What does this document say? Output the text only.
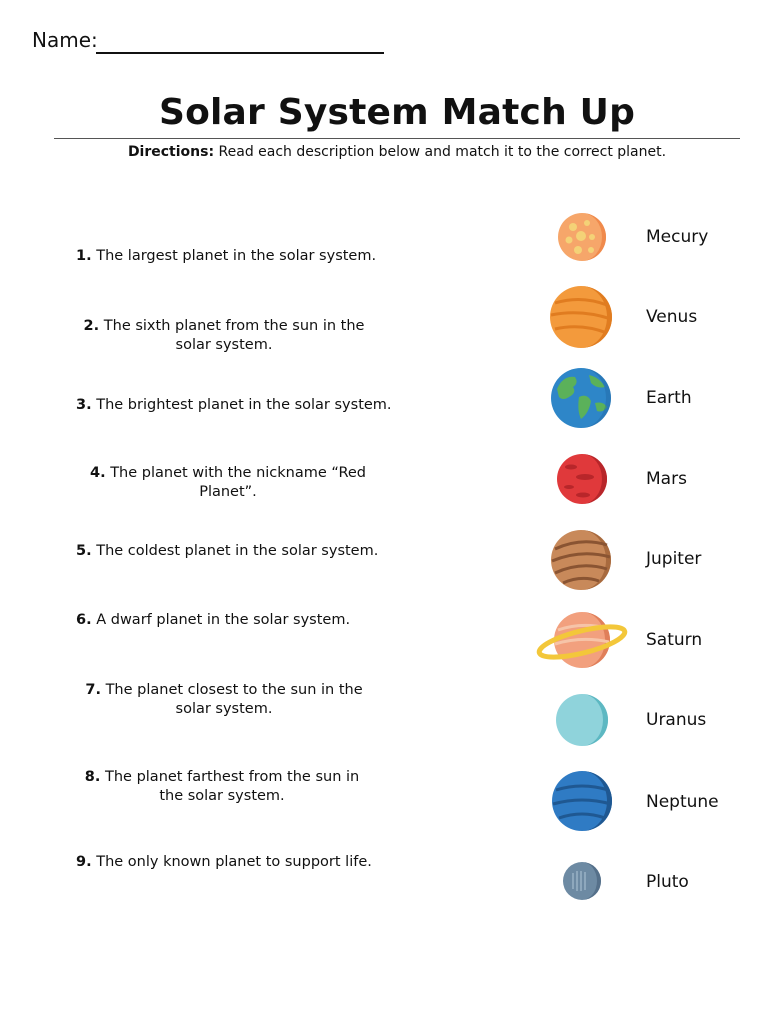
Name:
Solar System Match Up
Directions: Read each description below and match it to the correct planet.
1. The largest planet in the solar system.
2. The sixth planet from the sun in the solar system.
3. The brightest planet in the solar system.
4. The planet with the nickname “Red Planet”.
5. The coldest planet in the solar system.
6. A dwarf planet in the solar system.
7. The planet closest to the sun in the solar system.
8. The planet farthest from the sun in the solar system.
9. The only known planet to support life.
Mecury
Venus
Earth
Mars
Jupiter
Saturn
Uranus
Neptune
Pluto
